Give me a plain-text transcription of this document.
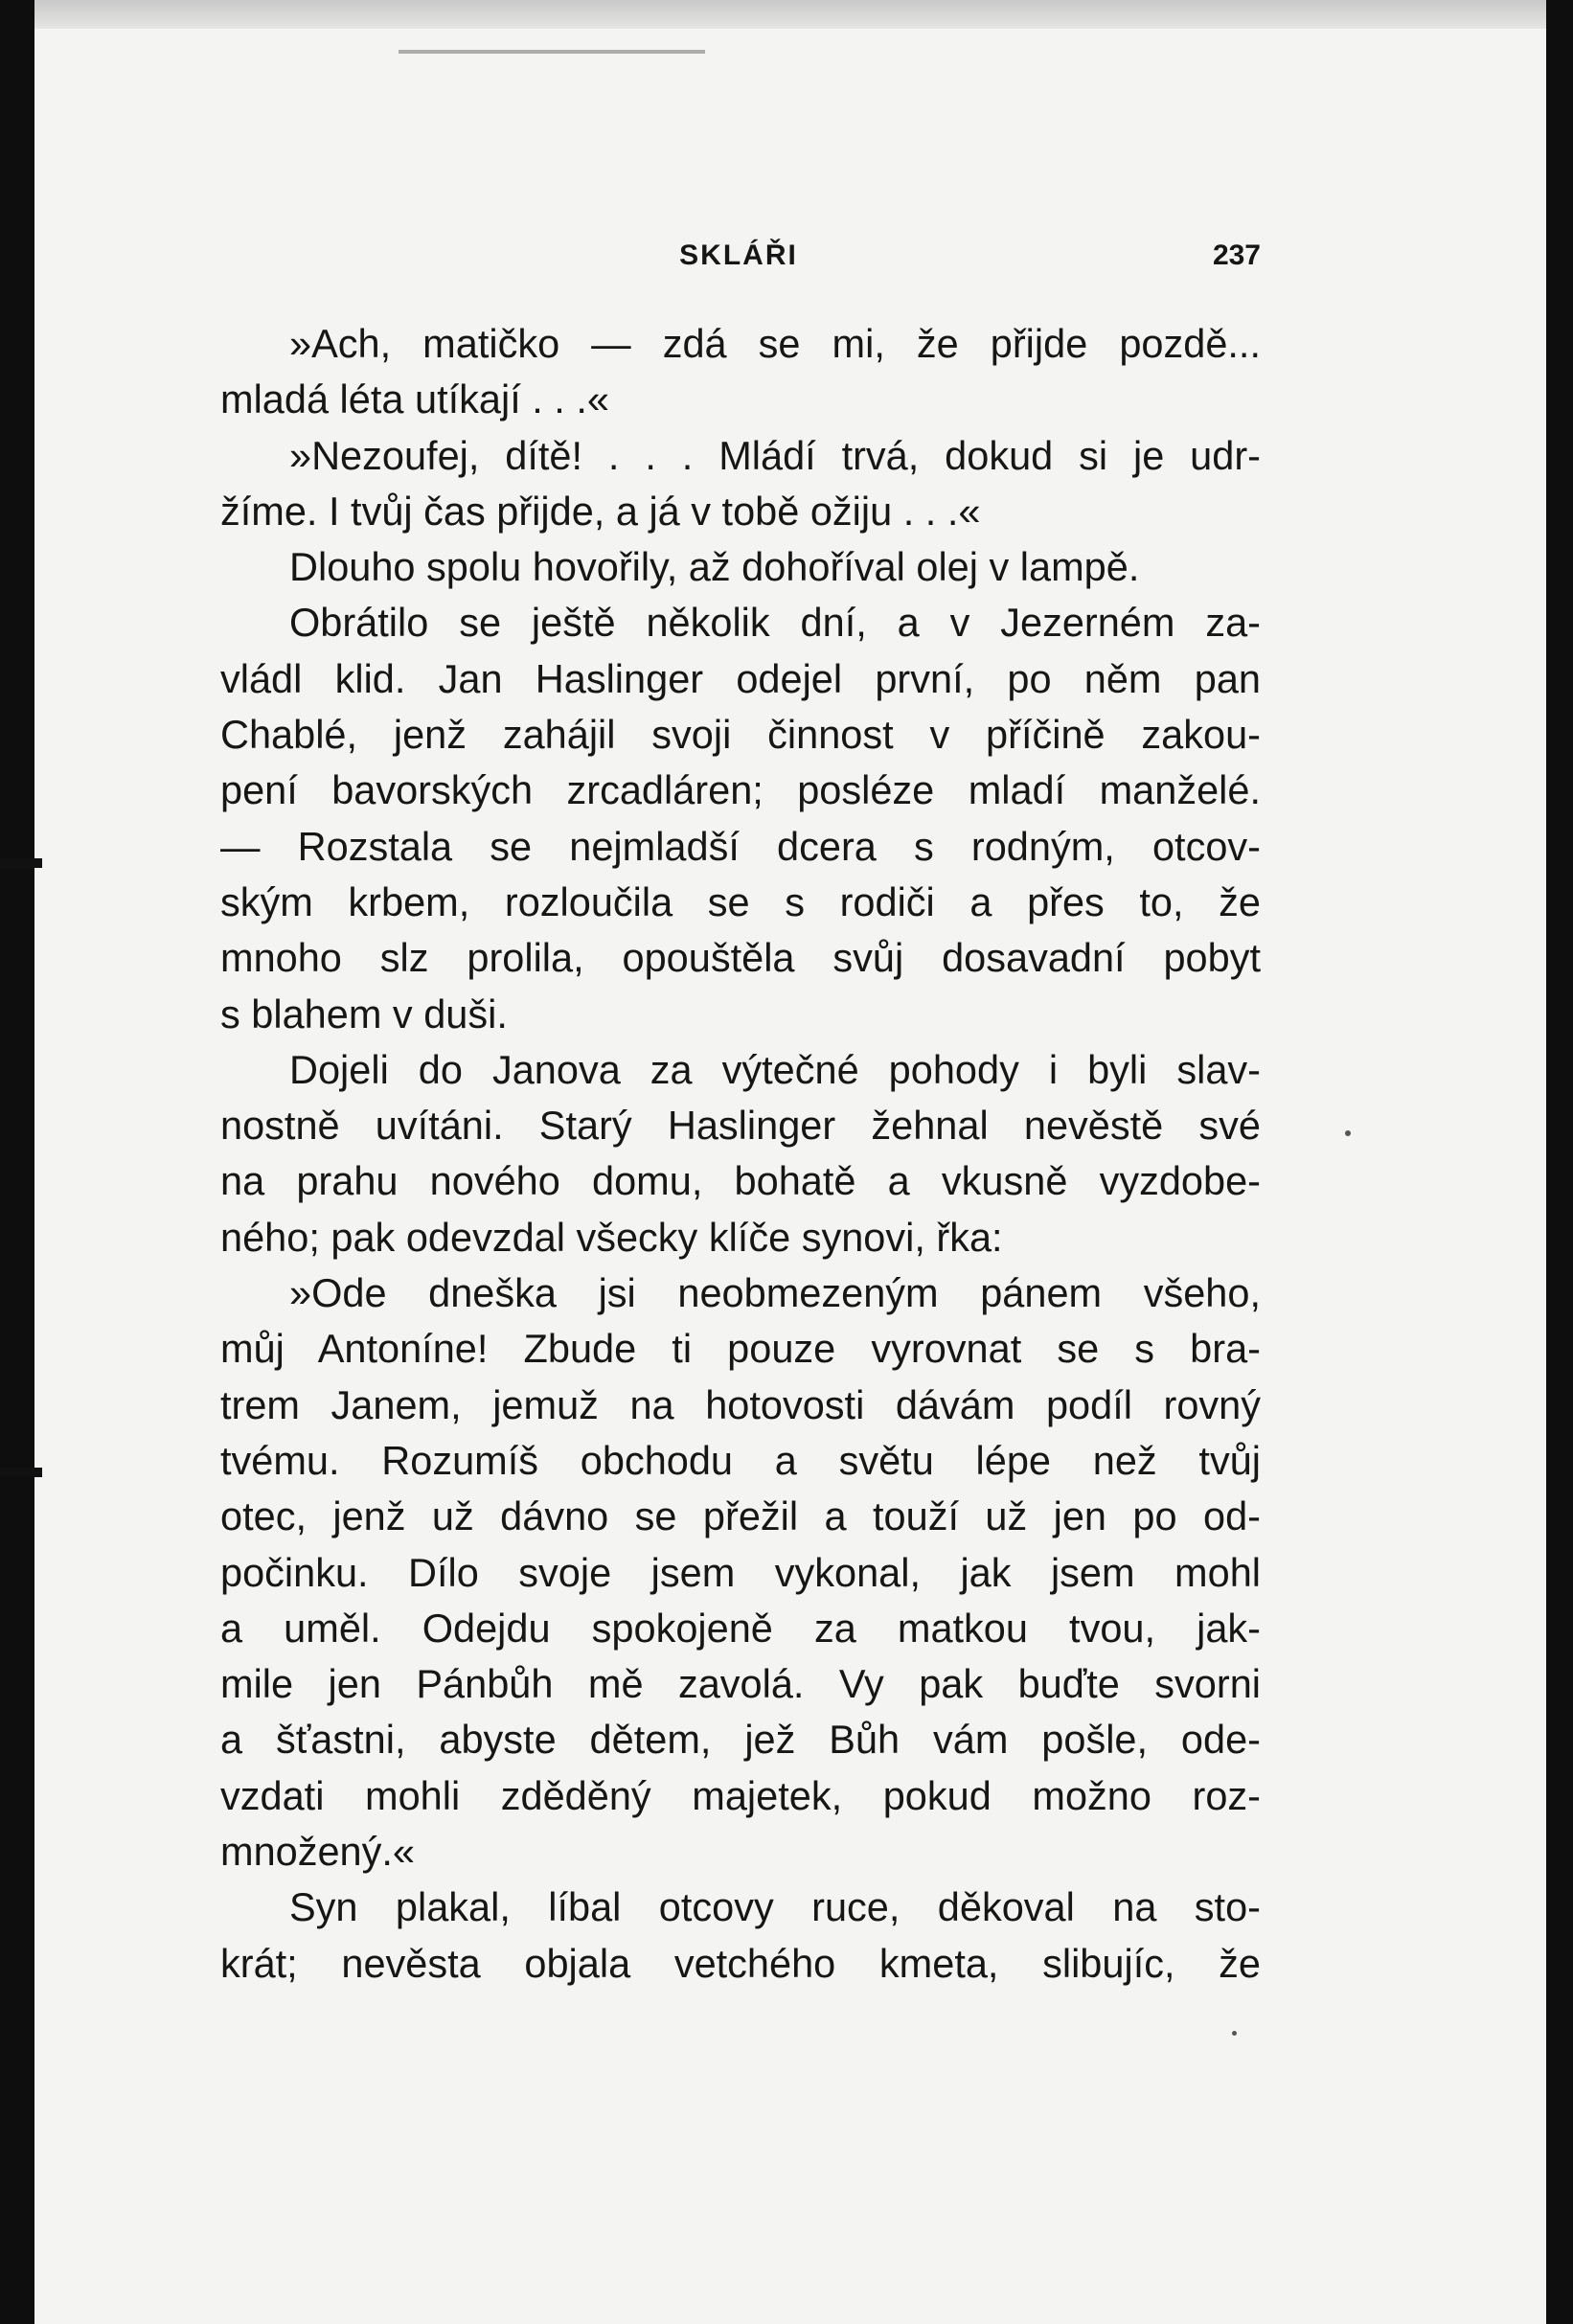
SKLÁŘI	237
»Ach, matičko — zdá se mi, že přijde pozdě...
mladá léta utíkají . . .«
»Nezoufej, dítě! . . . Mládí trvá, dokud si je udr-
žíme. I tvůj čas přijde, a já v tobě ožiju . . .«
Dlouho spolu hovořily, až dohoříval olej v lampě.
Obrátilo se ještě několik dní, a v Jezerném za-
vládl klid. Jan Haslinger odejel první, po něm pan
Chablé, jenž zahájil svoji činnost v příčině zakou-
pení bavorských zrcadláren; posléze mladí manželé.
— Rozstala se nejmladší dcera s rodným, otcov-
ským krbem, rozloučila se s rodiči a přes to, že
mnoho slz prolila, opouštěla svůj dosavadní pobyt
s blahem v duši.
Dojeli do Janova za výtečné pohody i byli slav-
nostně uvítáni. Starý Haslinger žehnal nevěstě své
na prahu nového domu, bohatě a vkusně vyzdobe-
ného; pak odevzdal všecky klíče synovi, řka:
»Ode dneška jsi neobmezeným pánem všeho,
můj Antoníne! Zbude ti pouze vyrovnat se s bra-
trem Janem, jemuž na hotovosti dávám podíl rovný
tvému. Rozumíš obchodu a světu lépe než tvůj
otec, jenž už dávno se přežil a touží už jen po od-
počinku. Dílo svoje jsem vykonal, jak jsem mohl
a uměl. Odejdu spokojeně za matkou tvou, jak-
mile jen Pánbůh mě zavolá. Vy pak buďte svorni
a šťastni, abyste dětem, jež Bůh vám pošle, ode-
vzdati mohli zděděný majetek, pokud možno roz-
množený.«
Syn plakal, líbal otcovy ruce, děkoval na sto-
krát; nevěsta objala vetchého kmeta, slibujíc, že
